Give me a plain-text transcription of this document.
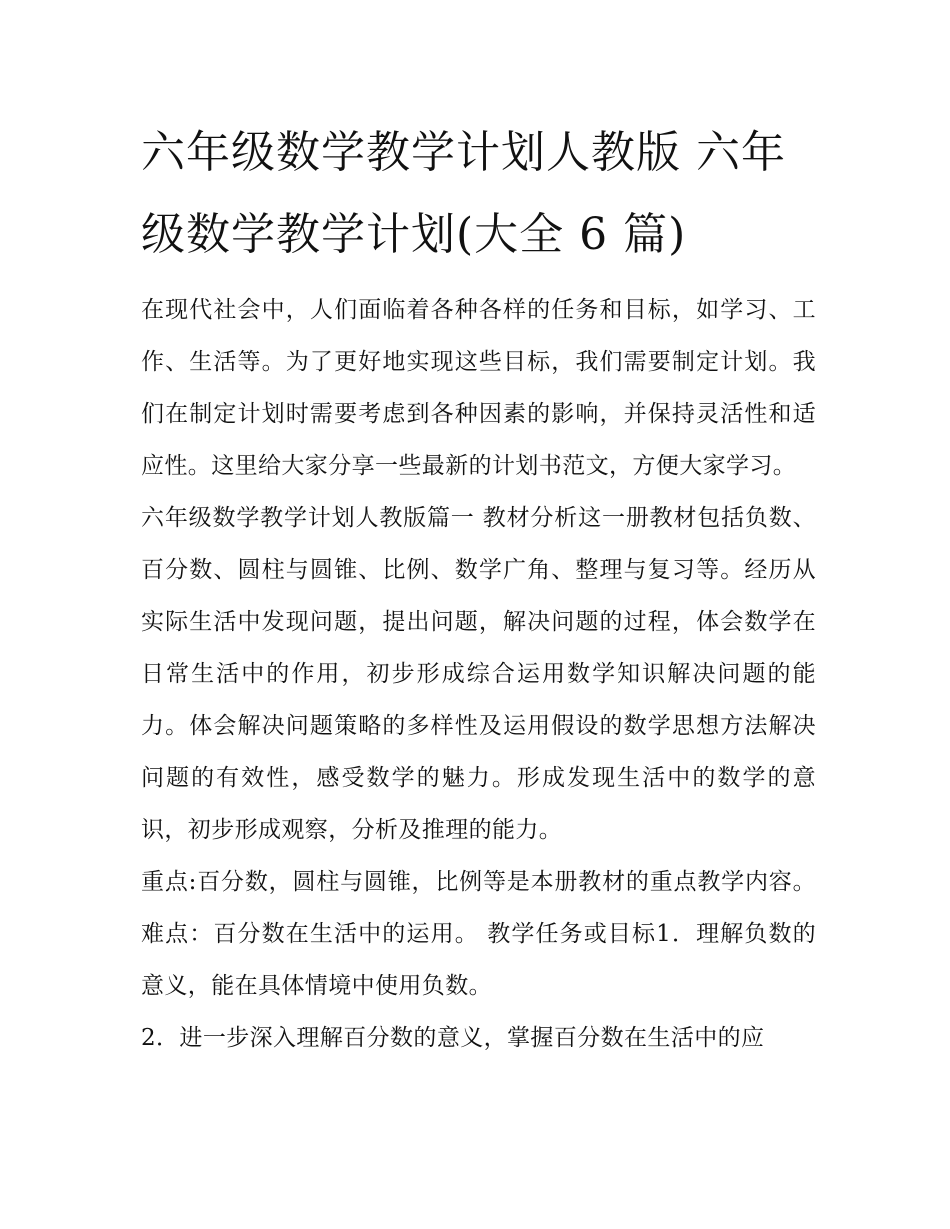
六年级数学教学计划人教版 六年级数学教学计划(大全 6 篇)

在现代社会中，人们面临着各种各样的任务和目标，如学习、工作、生活等。为了更好地实现这些目标，我们需要制定计划。我们在制定计划时需要考虑到各种因素的影响，并保持灵活性和适应性。这里给大家分享一些最新的计划书范文，方便大家学习。

六年级数学教学计划人教版篇一 教材分析这一册教材包括负数、百分数、圆柱与圆锥、比例、数学广角、整理与复习等。经历从实际生活中发现问题，提出问题，解决问题的过程，体会数学在日常生活中的作用，初步形成综合运用数学知识解决问题的能力。体会解决问题策略的多样性及运用假设的数学思想方法解决问题的有效性，感受数学的魅力。形成发现生活中的数学的意识，初步形成观察，分析及推理的能力。

重点:百分数，圆柱与圆锥，比例等是本册教材的重点教学内容。 难点：百分数在生活中的运用。 教学任务或目标1．理解负数的意义，能在具体情境中使用负数。

2．进一步深入理解百分数的意义，掌握百分数在生活中的应
